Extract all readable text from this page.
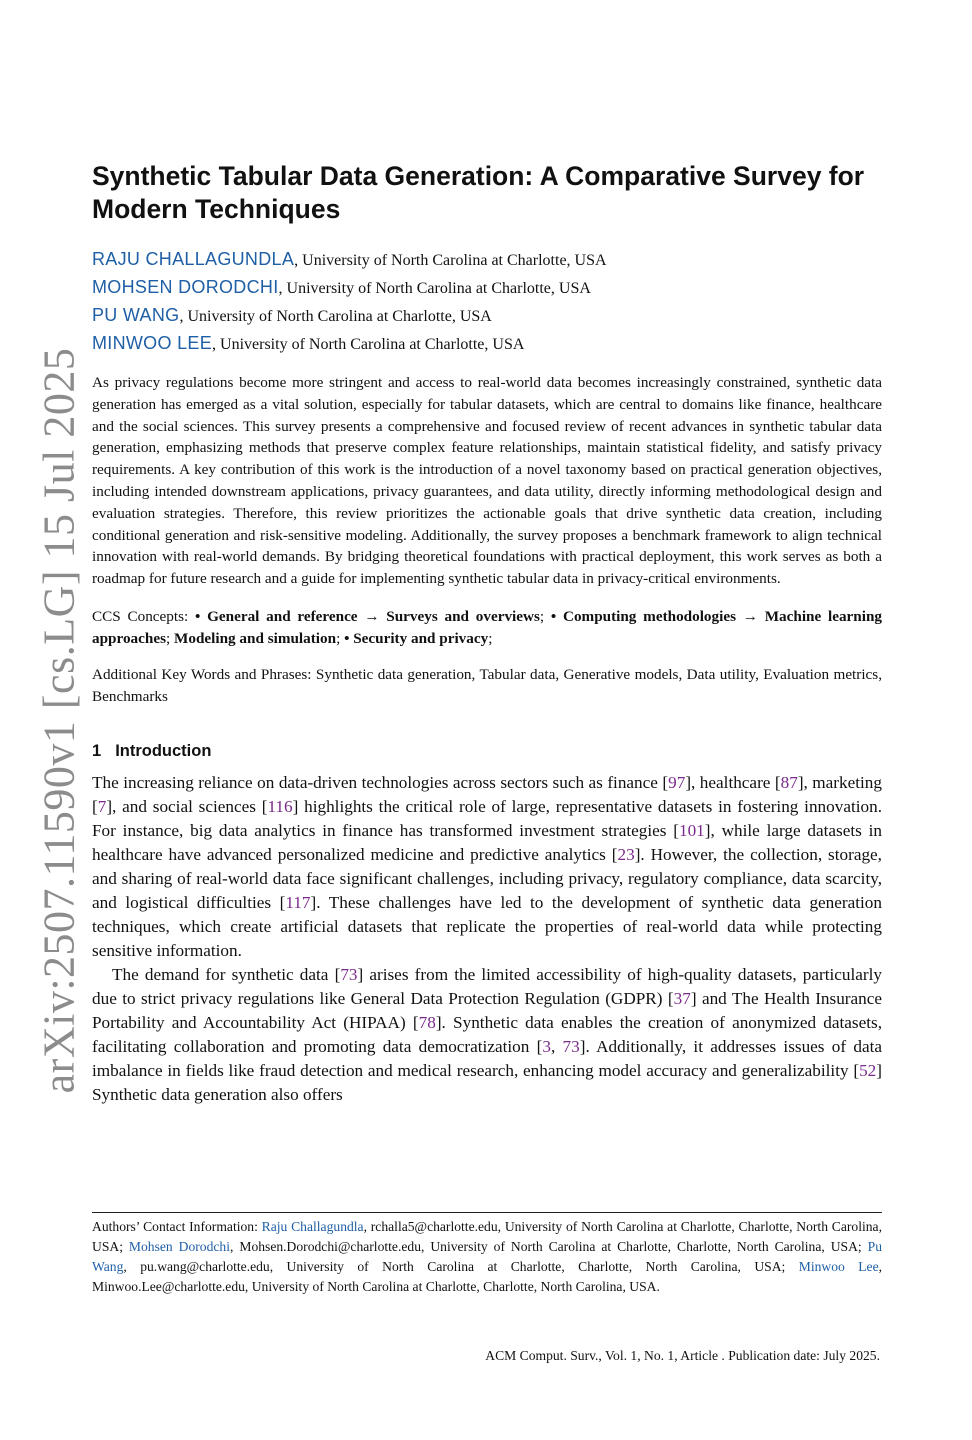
arXiv:2507.11590v1 [cs.LG] 15 Jul 2025
Synthetic Tabular Data Generation: A Comparative Survey for Modern Techniques
RAJU CHALLAGUNDLA, University of North Carolina at Charlotte, USA
MOHSEN DORODCHI, University of North Carolina at Charlotte, USA
PU WANG, University of North Carolina at Charlotte, USA
MINWOO LEE, University of North Carolina at Charlotte, USA

As privacy regulations become more stringent and access to real-world data becomes increasingly constrained, synthetic data generation has emerged as a vital solution, especially for tabular datasets, which are central to domains like finance, healthcare and the social sciences. This survey presents a comprehensive and focused review of recent advances in synthetic tabular data generation, emphasizing methods that preserve complex feature relationships, maintain statistical fidelity, and satisfy privacy requirements. A key contribution of this work is the introduction of a novel taxonomy based on practical generation objectives, including intended downstream applications, privacy guarantees, and data utility, directly informing methodological design and evaluation strategies. Therefore, this review prioritizes the actionable goals that drive synthetic data creation, including conditional generation and risk-sensitive modeling. Additionally, the survey proposes a benchmark framework to align technical innovation with real-world demands. By bridging theoretical foundations with practical deployment, this work serves as both a roadmap for future research and a guide for implementing synthetic tabular data in privacy-critical environments.

CCS Concepts: • General and reference → Surveys and overviews; • Computing methodologies → Machine learning approaches; Modeling and simulation; • Security and privacy;

Additional Key Words and Phrases: Synthetic data generation, Tabular data, Generative models, Data utility, Evaluation metrics, Benchmarks

1 Introduction

The increasing reliance on data-driven technologies across sectors such as finance [97], healthcare [87], marketing [7], and social sciences [116] highlights the critical role of large, representative datasets in fostering innovation. For instance, big data analytics in finance has transformed investment strategies [101], while large datasets in healthcare have advanced personalized medicine and predictive analytics [23]. However, the collection, storage, and sharing of real-world data face significant challenges, including privacy, regulatory compliance, data scarcity, and logistical difficulties [117]. These challenges have led to the development of synthetic data generation techniques, which create artificial datasets that replicate the properties of real-world data while protecting sensitive information.

The demand for synthetic data [73] arises from the limited accessibility of high-quality datasets, particularly due to strict privacy regulations like General Data Protection Regulation (GDPR) [37] and The Health Insurance Portability and Accountability Act (HIPAA) [78]. Synthetic data enables the creation of anonymized datasets, facilitating collaboration and promoting data democratization [3, 73]. Additionally, it addresses issues of data imbalance in fields like fraud detection and medical research, enhancing model accuracy and generalizability [52] Synthetic data generation also offers

Authors’ Contact Information: Raju Challagundla, rchalla5@charlotte.edu, University of North Carolina at Charlotte, Charlotte, North Carolina, USA; Mohsen Dorodchi, Mohsen.Dorodchi@charlotte.edu, University of North Carolina at Charlotte, Charlotte, North Carolina, USA; Pu Wang, pu.wang@charlotte.edu, University of North Carolina at Charlotte, Charlotte, North Carolina, USA; Minwoo Lee, Minwoo.Lee@charlotte.edu, University of North Carolina at Charlotte, Charlotte, North Carolina, USA.
ACM Comput. Surv., Vol. 1, No. 1, Article . Publication date: July 2025.
